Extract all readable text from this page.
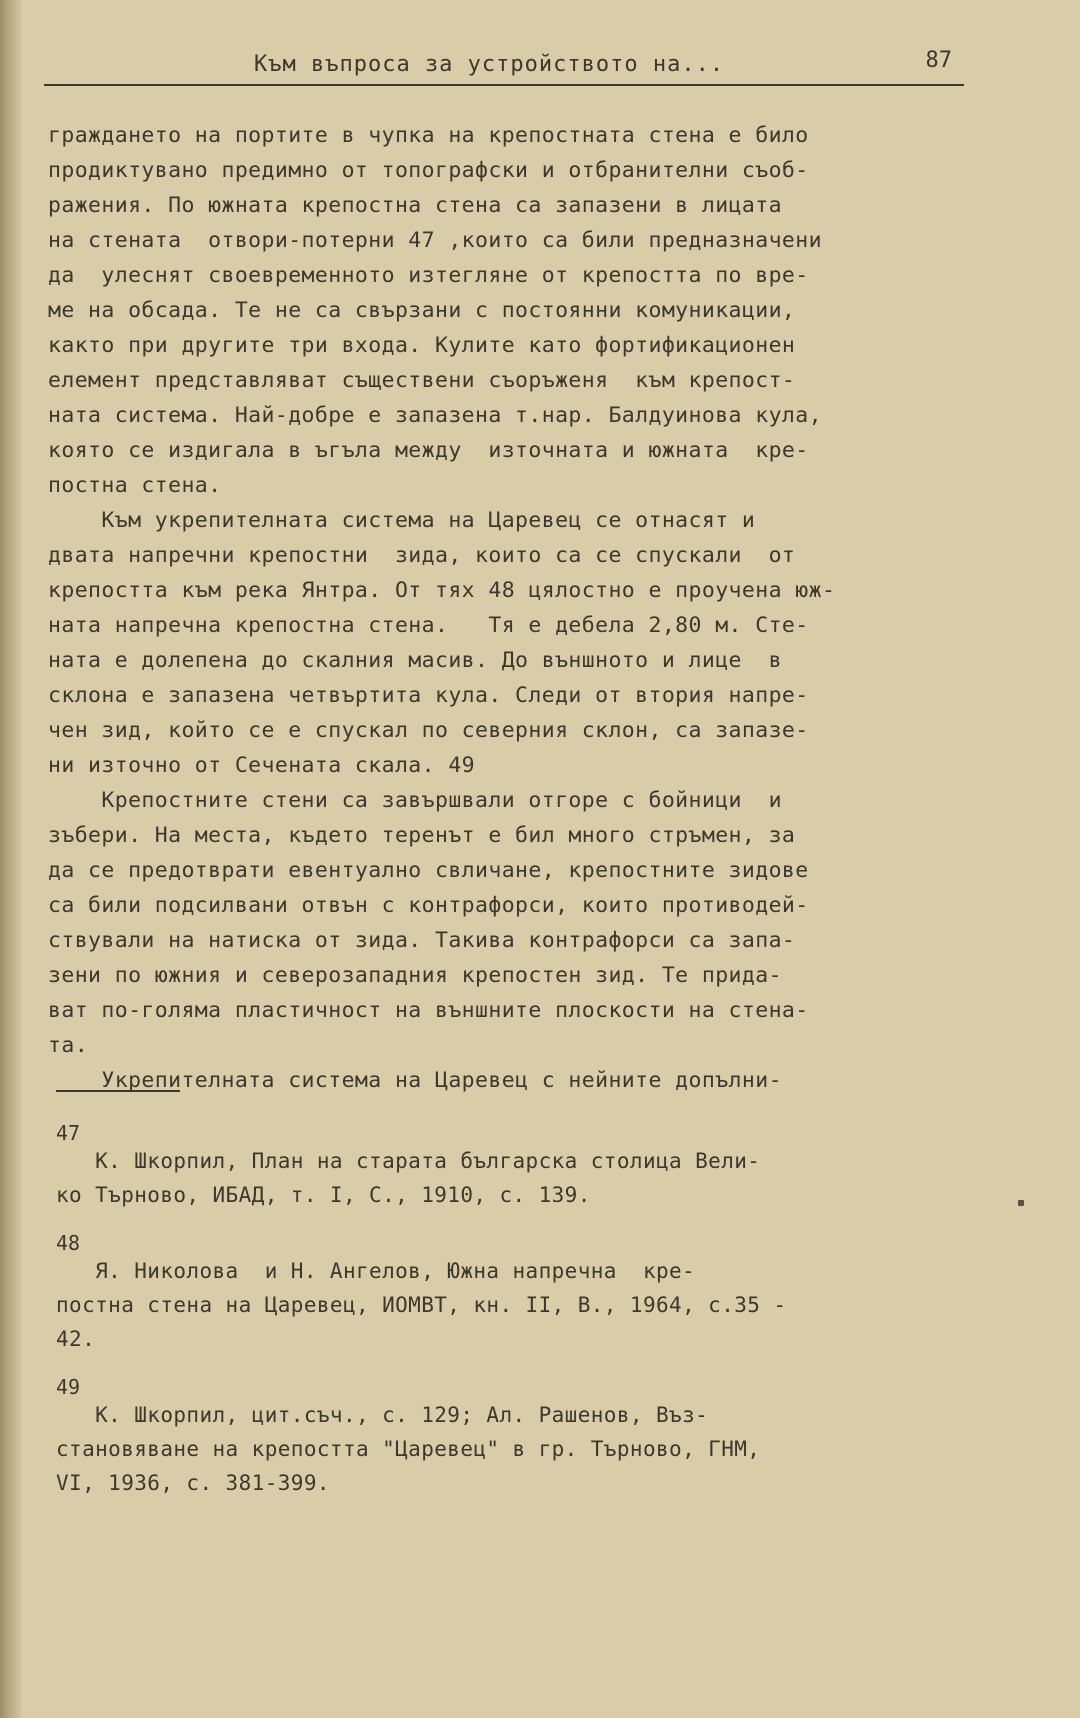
Към въпроса за устройството на...	87
гражданeто на портите в чупка на крепостната стена е било
продиктувано предимно от топографски и отбранителни съоб-
ражения. По южната крепостна стена са запазени в лицата
на стената  отвори-потерни 47 ,които са били предназначени
да  улеснят своевременното изтегляне от крепостта по вре-
ме на обсада. Те не са свързани с постоянни комуникации,
както при другите три входа. Кулите като фортификационен
елемент представляват съществени съоръженя  към крепост-
ната система. Най-добре е запазена т.нар. Балдуинова кула,
която се издигала в ъгъла между  източната и южната  кре-
постна стена.
Към укрепителната система на Царевец се отнасят и
двата напречни крепостни  зида, които са се спускали  от
крепостта към река Янтра. От тях 48 цялостно е проучена юж-
ната напречна крепостна стена.   Тя е дебела 2,80 м. Сте-
ната е долепена до скалния масив. До външното и лице  в
склона е запазена четвъртита кула. Следи от втория напре-
чен зид, който се е спускал по северния склон, са запазе-
ни източно от Сечената скала. 49
Крепостните стени са завършвали отгоре с бойници  и
зъбери. На места, където теренът е бил много стръмен, за
да се предотврати евентуално свличане, крепостните зидове
са били подсилвани отвън с контрафорси, които противодей-
ствували на натиска от зида. Такива контрафорси са запа-
зени по южния и северозападния крепостен зид. Те прида-
ват по-голяма пластичност на външните плоскости на стена-
та.
Укрепителната система на Царевец с нейните допълни-
47
К. Шкорпил, План на старата българска столица Вели-
ко Търново, ИБАД, т. I, С., 1910, с. 139.
48
Я. Николова  и Н. Ангелов, Южна напречна  кре-
постна стена на Царевец, ИОМВТ, кн. II, В., 1964, с.35 -
42.
49
К. Шкорпил, цит.съч., с. 129; Ал. Рашенов, Въз-
становяване на крепостта "Царевец" в гр. Търново, ГНМ,
VI, 1936, с. 381-399.
